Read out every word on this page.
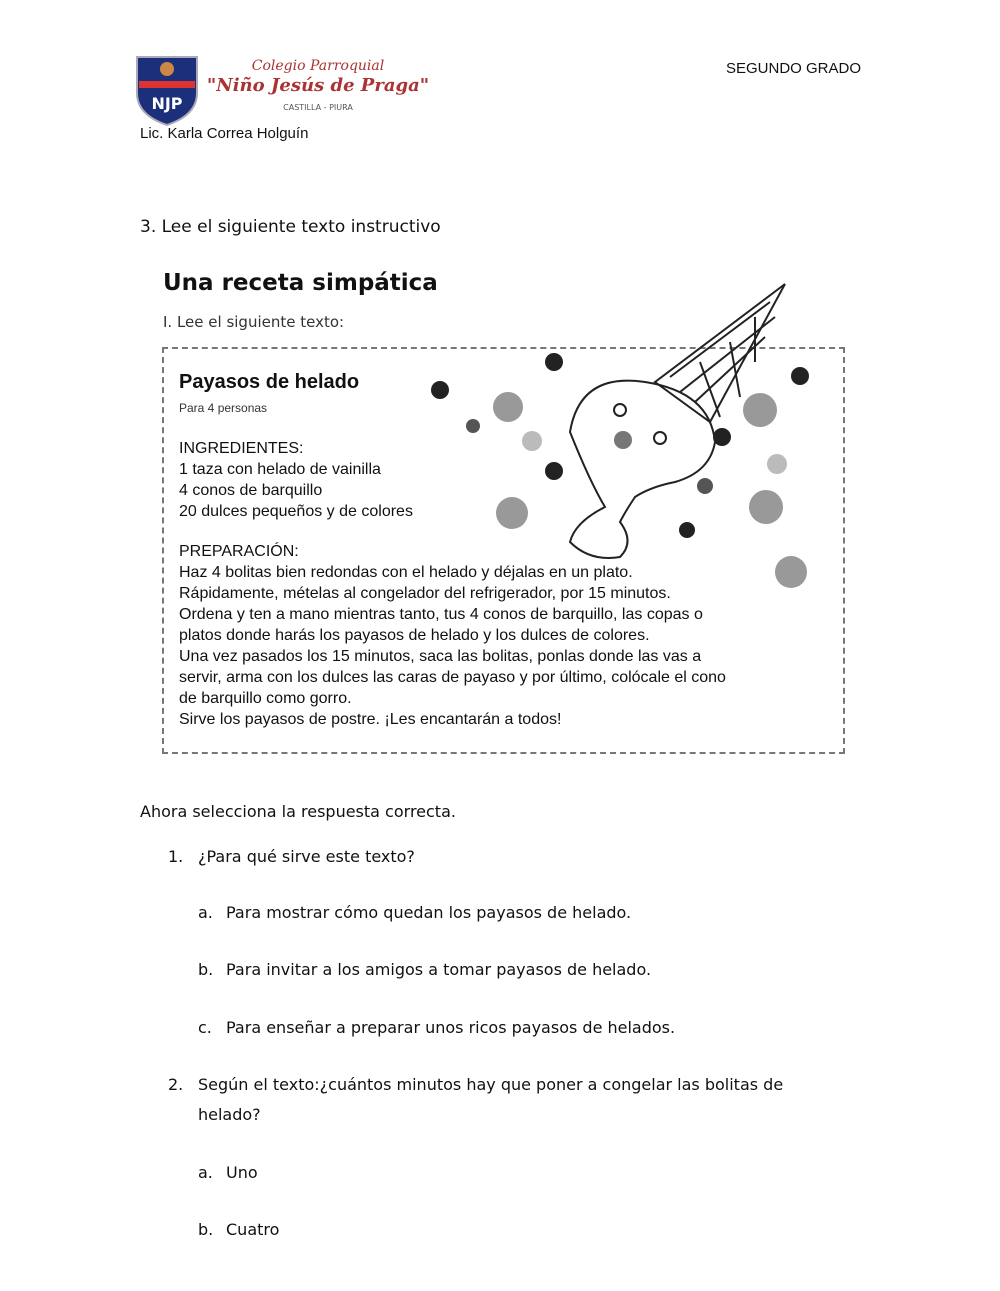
NJP
Colegio Parroquial
"Niño Jesús de Praga"
CASTILLA - PIURA
SEGUNDO GRADO
Lic. Karla Correa Holguín
3. Lee el siguiente texto instructivo
Una receta simpática
I. Lee el siguiente texto:
Payasos de helado
Para 4 personas
INGREDIENTES:
1 taza con helado de vainilla
4 conos de barquillo
20 dulces pequeños y de colores
PREPARACIÓN:
Haz 4 bolitas bien redondas con el helado y déjalas en un plato.
Rápidamente, mételas al congelador del refrigerador, por 15 minutos.
Ordena y ten a mano mientras tanto, tus 4 conos de barquillo, las copas o
platos donde harás los payasos de helado y los dulces de colores.
Una vez pasados los 15 minutos, saca las bolitas, ponlas donde las vas a
servir, arma con los dulces las caras de payaso y por último, colócale el cono
de barquillo como gorro.
Sirve los payasos de postre. ¡Les encantarán a todos!
Ahora selecciona la respuesta correcta.
1. ¿Para qué sirve este texto?
a. Para mostrar cómo quedan los payasos de helado.
b. Para invitar a los amigos a tomar payasos de helado.
c. Para enseñar a preparar unos ricos payasos de helados.
2. Según el texto:¿cuántos minutos hay que poner a congelar las bolitas de
helado?
a. Uno
b. Cuatro
